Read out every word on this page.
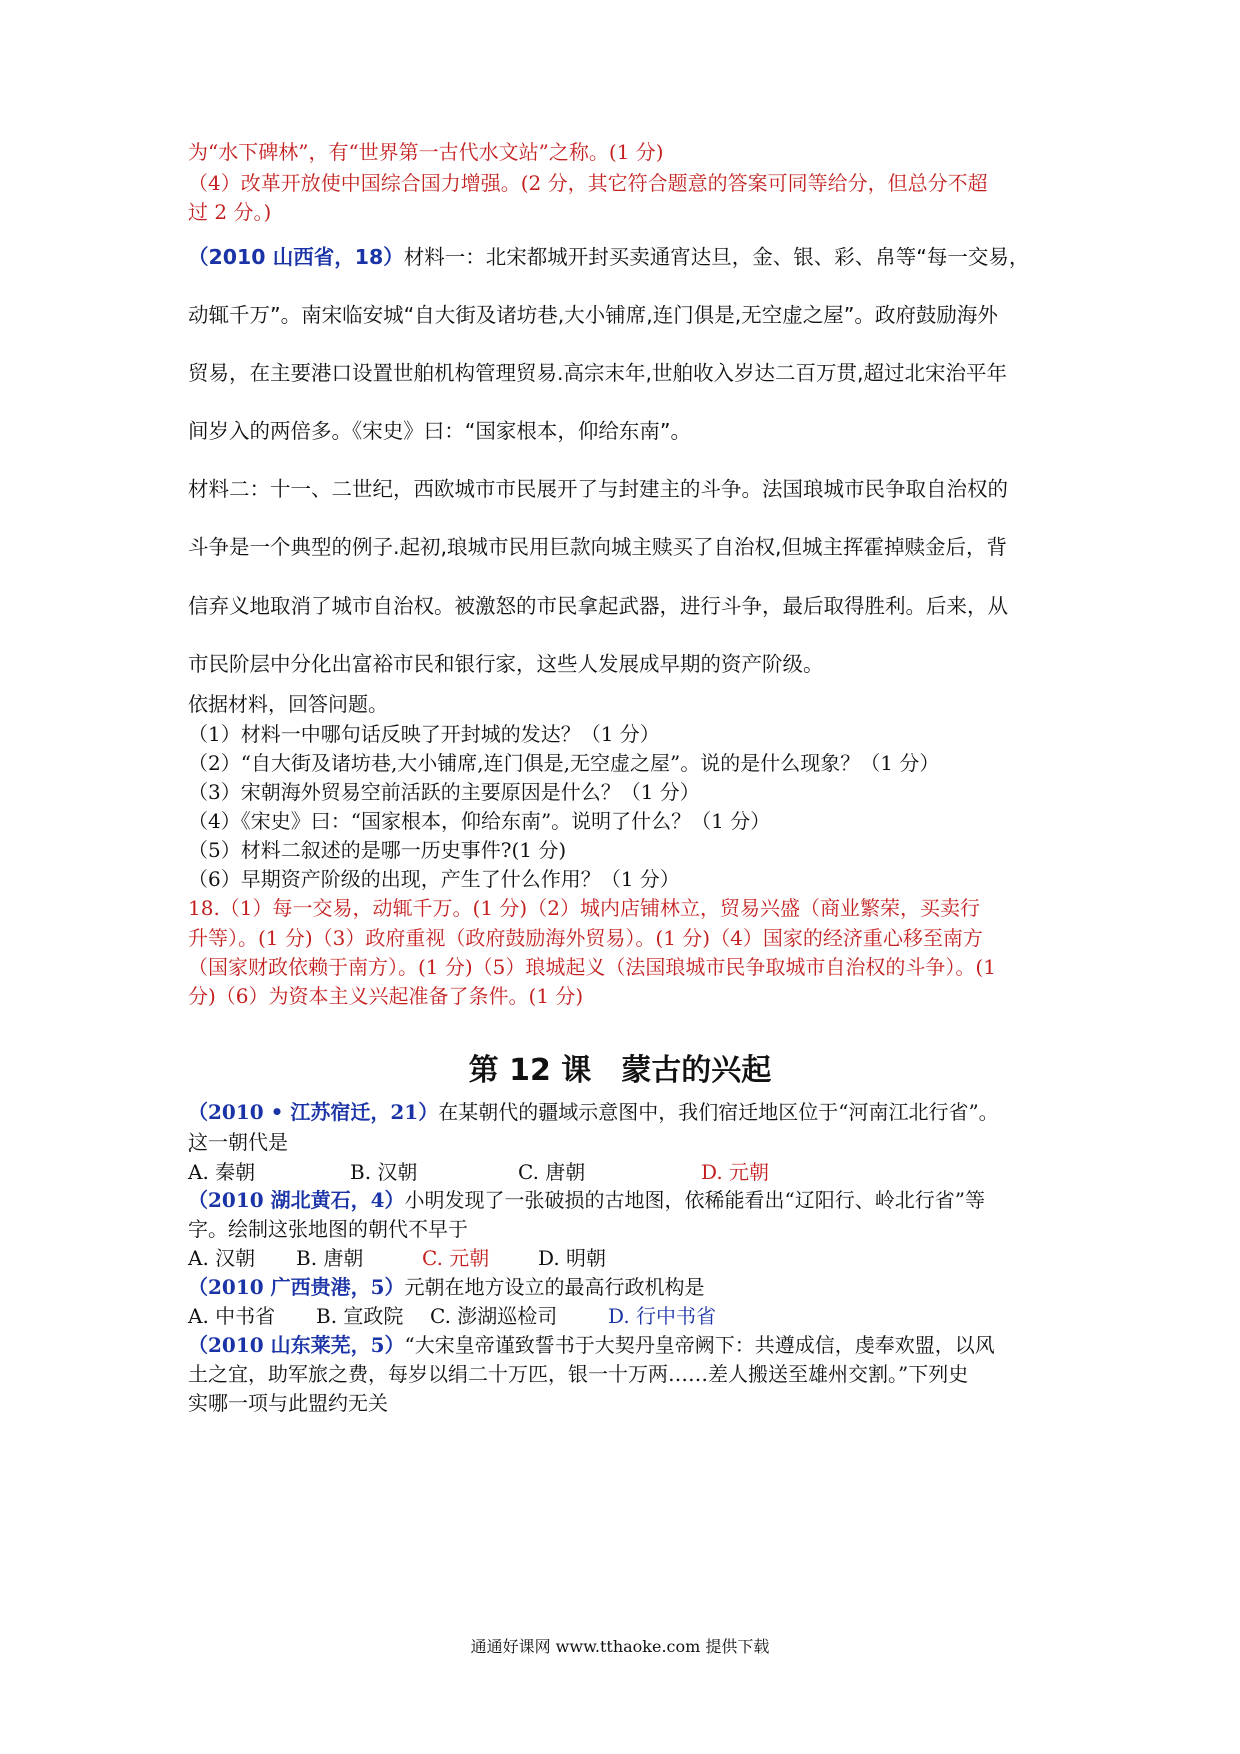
为“水下碑林”，有“世界第一古代水文站”之称。(1 分)
（4）改革开放使中国综合国力增强。(2 分，其它符合题意的答案可同等给分，但总分不超
过 2 分。)
（2010 山西省，18）材料一：北宋都城开封买卖通宵达旦，金、银、彩、帛等“每一交易，
动辄千万”。南宋临安城“自大街及诸坊巷,大小铺席,连门俱是,无空虚之屋”。政府鼓励海外
贸易，在主要港口设置世舶机构管理贸易.高宗末年,世舶收入岁达二百万贯,超过北宋治平年
间岁入的两倍多。《宋史》曰：“国家根本，仰给东南”。
材料二：十一、二世纪，西欧城市市民展开了与封建主的斗争。法国琅城市民争取自治权的
斗争是一个典型的例子.起初,琅城市民用巨款向城主赎买了自治权,但城主挥霍掉赎金后，背
信弃义地取消了城市自治权。被激怒的市民拿起武器，进行斗争，最后取得胜利。后来，从
市民阶层中分化出富裕市民和银行家，这些人发展成早期的资产阶级。
依据材料，回答问题。
（1）材料一中哪句话反映了开封城的发达？（1 分）
（2）“自大街及诸坊巷,大小铺席,连门俱是,无空虚之屋”。说的是什么现象？（1 分）
（3）宋朝海外贸易空前活跃的主要原因是什么？（1 分）
（4）《宋史》曰：“国家根本，仰给东南”。说明了什么？（1 分）
（5）材料二叙述的是哪一历史事件?(1 分)
（6）早期资产阶级的出现，产生了什么作用？（1 分）
18.（1）每一交易，动辄千万。(1 分)（2）城内店铺林立，贸易兴盛（商业繁荣，买卖行
升等）。(1 分)（3）政府重视（政府鼓励海外贸易）。(1 分)（4）国家的经济重心移至南方
（国家财政依赖于南方）。(1 分)（5）琅城起义（法国琅城市民争取城市自治权的斗争）。(1
分)（6）为资本主义兴起准备了条件。(1 分)
第 12 课　蒙古的兴起
（2010 • 江苏宿迁，21）在某朝代的疆域示意图中，我们宿迁地区位于“河南江北行省”。
这一朝代是
A. 秦朝	B. 汉朝	C. 唐朝	D. 元朝
（2010 湖北黄石，4）小明发现了一张破损的古地图，依稀能看出“辽阳行、岭北行省”等
字。绘制这张地图的朝代不早于
A. 汉朝 B. 唐朝	C. 元朝 D. 明朝
（2010 广西贵港，5）元朝在地方设立的最高行政机构是
A. 中书省 B. 宣政院 C. 澎湖巡检司	D. 行中书省
（2010 山东莱芜，5）“大宋皇帝谨致誓书于大契丹皇帝阙下：共遵成信，虔奉欢盟，以风
土之宜，助军旅之费，每岁以绢二十万匹，银一十万两……差人搬送至雄州交割。”下列史
实哪一项与此盟约无关
通通好课网 www.tthaoke.com 提供下载
